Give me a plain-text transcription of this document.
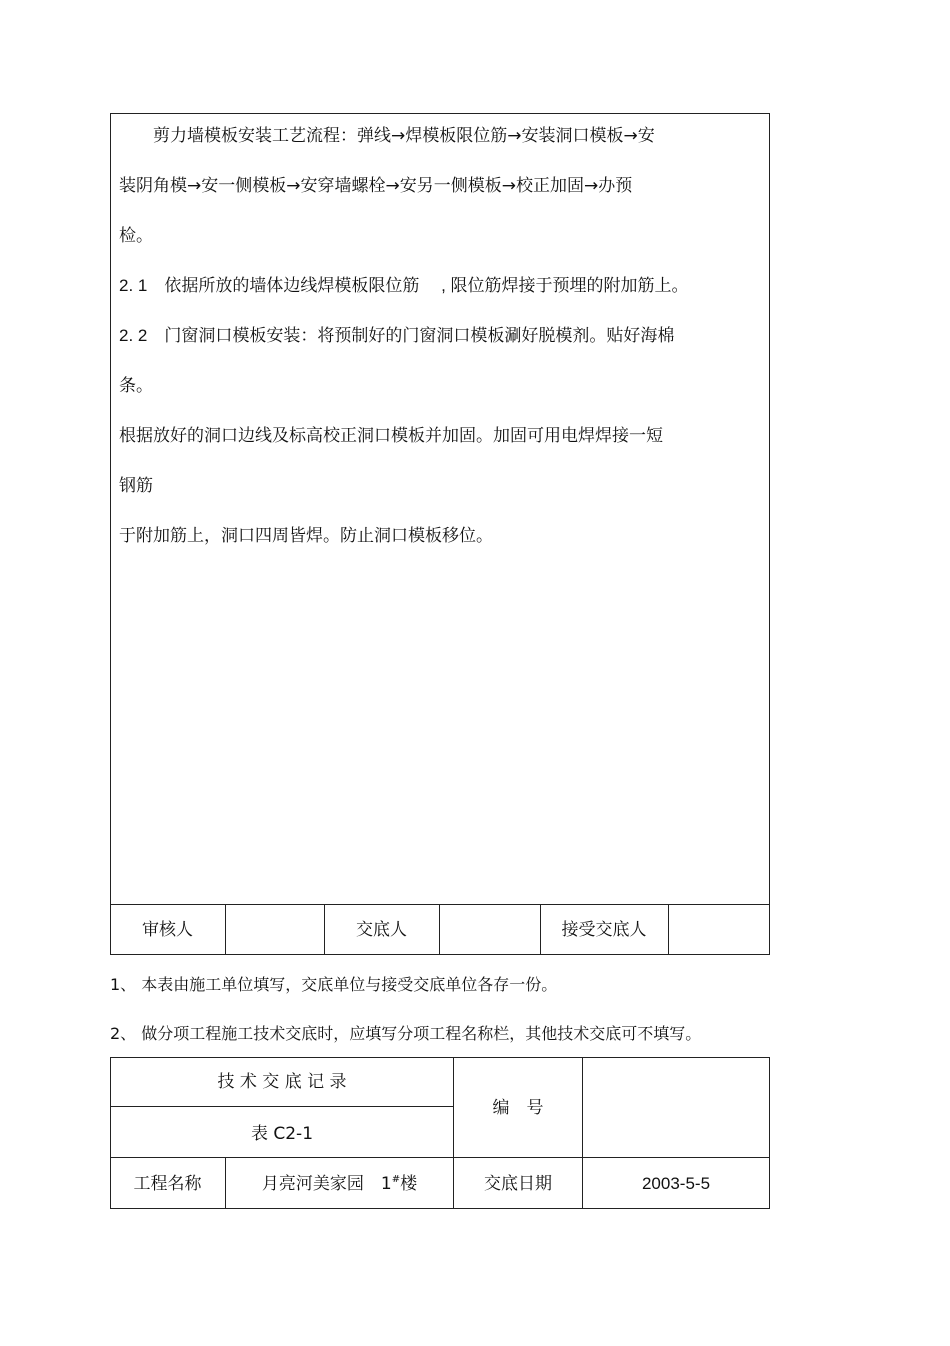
　　剪力墙模板安装工艺流程：弹线→焊模板限位筋→安装洞口模板→安
装阴角模→安一侧模板→安穿墙螺栓→安另一侧模板→校正加固→办预
检。
2. 1　依据所放的墙体边线焊模板限位筋　 , 限位筋焊接于预埋的附加筋上。
2. 2　门窗洞口模板安装：将预制好的门窗洞口模板涮好脱模剂。贴好海棉
条。
根据放好的洞口边线及标高校正洞口模板并加固。加固可用电焊焊接一短
钢筋
于附加筋上，洞口四周皆焊。防止洞口模板移位。
审核人	交底人	接受交底人
1、 本表由施工单位填写，交底单位与接受交底单位各存一份。
2、 做分项工程施工技术交底时，应填写分项工程名称栏，其他技术交底可不填写。
技 术 交 底 记 录
表 C2-1
编　号
工程名称	月亮河美家园　1#楼	交底日期	2003-5-5
